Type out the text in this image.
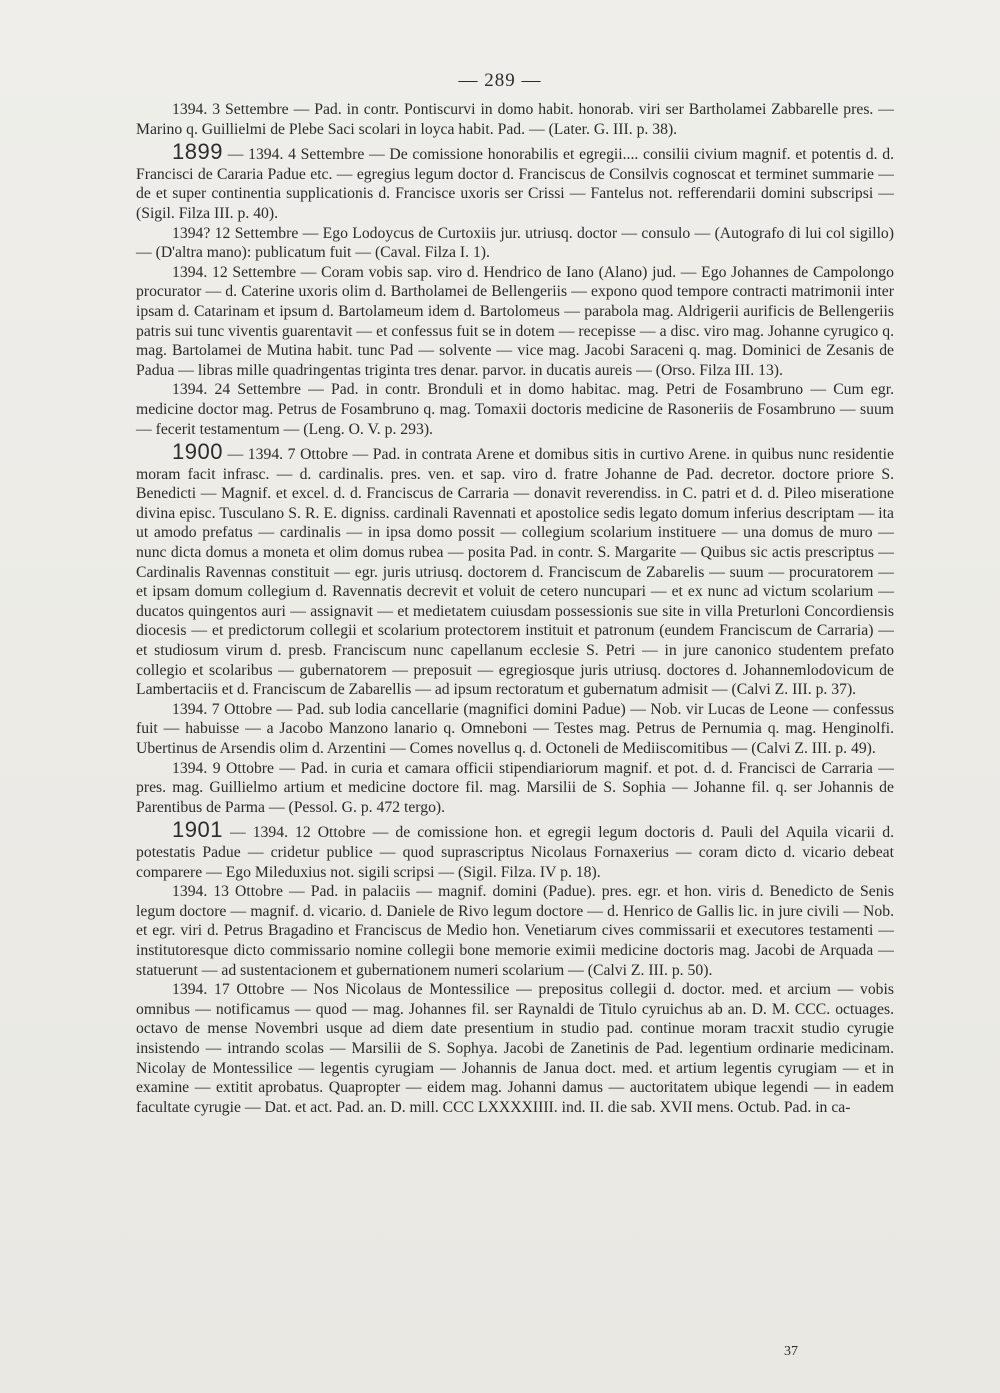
— 289 —

1394. 3 Settembre — Pad. in contr. Pontiscurvi in domo habit. honorab. viri ser Bartholamei Zabbarelle pres. — Marino q. Guillielmi de Plebe Saci scolari in loyca habit. Pad. — (Later. G. III. p. 38).

1899 — 1394. 4 Settembre — De comissione honorabilis et egregii.... consilii civium magnif. et potentis d. d. Francisci de Cararia Padue etc. — egregius legum doctor d. Franciscus de Consilvis cognoscat et terminet summarie — de et super continentia supplicationis d. Francisce uxoris ser Crissi — Fantelus not. refferendarii domini subscripsi — (Sigil. Filza III. p. 40).

1394? 12 Settembre — Ego Lodoycus de Curtoxiis jur. utriusq. doctor — consulo — (Autografo di lui col sigillo) — (D'altra mano): publicatum fuit — (Caval. Filza I. 1).

1394. 12 Settembre — Coram vobis sap. viro d. Hendrico de Iano (Alano) jud. — Ego Johannes de Campolongo procurator — d. Caterine uxoris olim d. Bartholamei de Bellengeriis — expono quod tempore contracti matrimonii inter ipsam d. Catarinam et ipsum d. Bartolameum idem d. Bartolomeus — parabola mag. Aldrigerii aurificis de Bellengeriis patris sui tunc viventis guarentavit — et confessus fuit se in dotem — recepisse — a disc. viro mag. Johanne cyrugico q. mag. Bartolamei de Mutina habit. tunc Pad — solvente — vice mag. Jacobi Saraceni q. mag. Dominici de Zesanis de Padua — libras mille quadringentas triginta tres denar. parvor. in ducatis aureis — (Orso. Filza III. 13).

1394. 24 Settembre — Pad. in contr. Bronduli et in domo habitac. mag. Petri de Fosambruno — Cum egr. medicine doctor mag. Petrus de Fosambruno q. mag. Tomaxii doctoris medicine de Rasoneriis de Fosambruno — suum — fecerit testamentum — (Leng. O. V. p. 293).

1900 — 1394. 7 Ottobre — Pad. in contrata Arene et domibus sitis in curtivo Arene. in quibus nunc residentie moram facit infrasc. — d. cardinalis. pres. ven. et sap. viro d. fratre Johanne de Pad. decretor. doctore priore S. Benedicti — Magnif. et excel. d. d. Franciscus de Carraria — donavit reverendiss. in C. patri et d. d. Pileo miseratione divina episc. Tusculano S. R. E. digniss. cardinali Ravennati et apostolice sedis legato domum inferius descriptam — ita ut amodo prefatus — cardinalis — in ipsa domo possit — collegium scolarium instituere — una domus de muro — nunc dicta domus a moneta et olim domus rubea — posita Pad. in contr. S. Margarite — Quibus sic actis prescriptus — Cardinalis Ravennas constituit — egr. juris utriusq. doctorem d. Franciscum de Zabarelis — suum — procuratorem — et ipsam domum collegium d. Ravennatis decrevit et voluit de cetero nuncupari — et ex nunc ad victum scolarium — ducatos quingentos auri — assignavit — et medietatem cuiusdam possessionis sue site in villa Preturloni Concordiensis diocesis — et predictorum collegii et scolarium protectorem instituit et patronum (eundem Franciscum de Carraria) — et studiosum virum d. presb. Franciscum nunc capellanum ecclesie S. Petri — in jure canonico studentem prefato collegio et scolaribus — gubernatorem — preposuit — egregiosque juris utriusq. doctores d. Johannemlodovicum de Lambertaciis et d. Franciscum de Zabarellis — ad ipsum rectoratum et gubernatum admisit — (Calvi Z. III. p. 37).

1394. 7 Ottobre — Pad. sub lodia cancellarie (magnifici domini Padue) — Nob. vir Lucas de Leone — confessus fuit — habuisse — a Jacobo Manzono lanario q. Omneboni — Testes mag. Petrus de Pernumia q. mag. Henginolfi. Ubertinus de Arsendis olim d. Arzentini — Comes novellus q. d. Octoneli de Mediiscomitibus — (Calvi Z. III. p. 49).

1394. 9 Ottobre — Pad. in curia et camara officii stipendiariorum magnif. et pot. d. d. Francisci de Carraria — pres. mag. Guillielmo artium et medicine doctore fil. mag. Marsilii de S. Sophia — Johanne fil. q. ser Johannis de Parentibus de Parma — (Pessol. G. p. 472 tergo).

1901 — 1394. 12 Ottobre — de comissione hon. et egregii legum doctoris d. Pauli del Aquila vicarii d. potestatis Padue — cridetur publice — quod suprascriptus Nicolaus Fornaxerius — coram dicto d. vicario debeat comparere — Ego Mileduxius not. sigili scripsi — (Sigil. Filza. IV p. 18).

1394. 13 Ottobre — Pad. in palaciis — magnif. domini (Padue). pres. egr. et hon. viris d. Benedicto de Senis legum doctore — magnif. d. vicario. d. Daniele de Rivo legum doctore — d. Henrico de Gallis lic. in jure civili — Nob. et egr. viri d. Petrus Bragadino et Franciscus de Medio hon. Venetiarum cives commissarii et executores testamenti — institutoresque dicto commissario nomine collegii bone memorie eximii medicine doctoris mag. Jacobi de Arquada — statuerunt — ad sustentacionem et gubernationem numeri scolarium — (Calvi Z. III. p. 50).

1394. 17 Ottobre — Nos Nicolaus de Montessilice — prepositus collegii d. doctor. med. et arcium — vobis omnibus — notificamus — quod — mag. Johannes fil. ser Raynaldi de Titulo cyruichus ab an. D. M. CCC. octuages. octavo de mense Novembri usque ad diem date presentium in studio pad. continue moram tracxit studio cyrugie insistendo — intrando scolas — Marsilii de S. Sophya. Jacobi de Zanetinis de Pad. legentium ordinarie medicinam. Nicolay de Montessilice — legentis cyrugiam — Johannis de Janua doct. med. et artium legentis cyrugiam — et in examine — extitit aprobatus. Quapropter — eidem mag. Johanni damus — auctoritatem ubique legendi — in eadem facultate cyrugie — Dat. et act. Pad. an. D. mill. CCC LXXXXIIII. ind. II. die sab. XVII mens. Octub. Pad. in ca-

37
